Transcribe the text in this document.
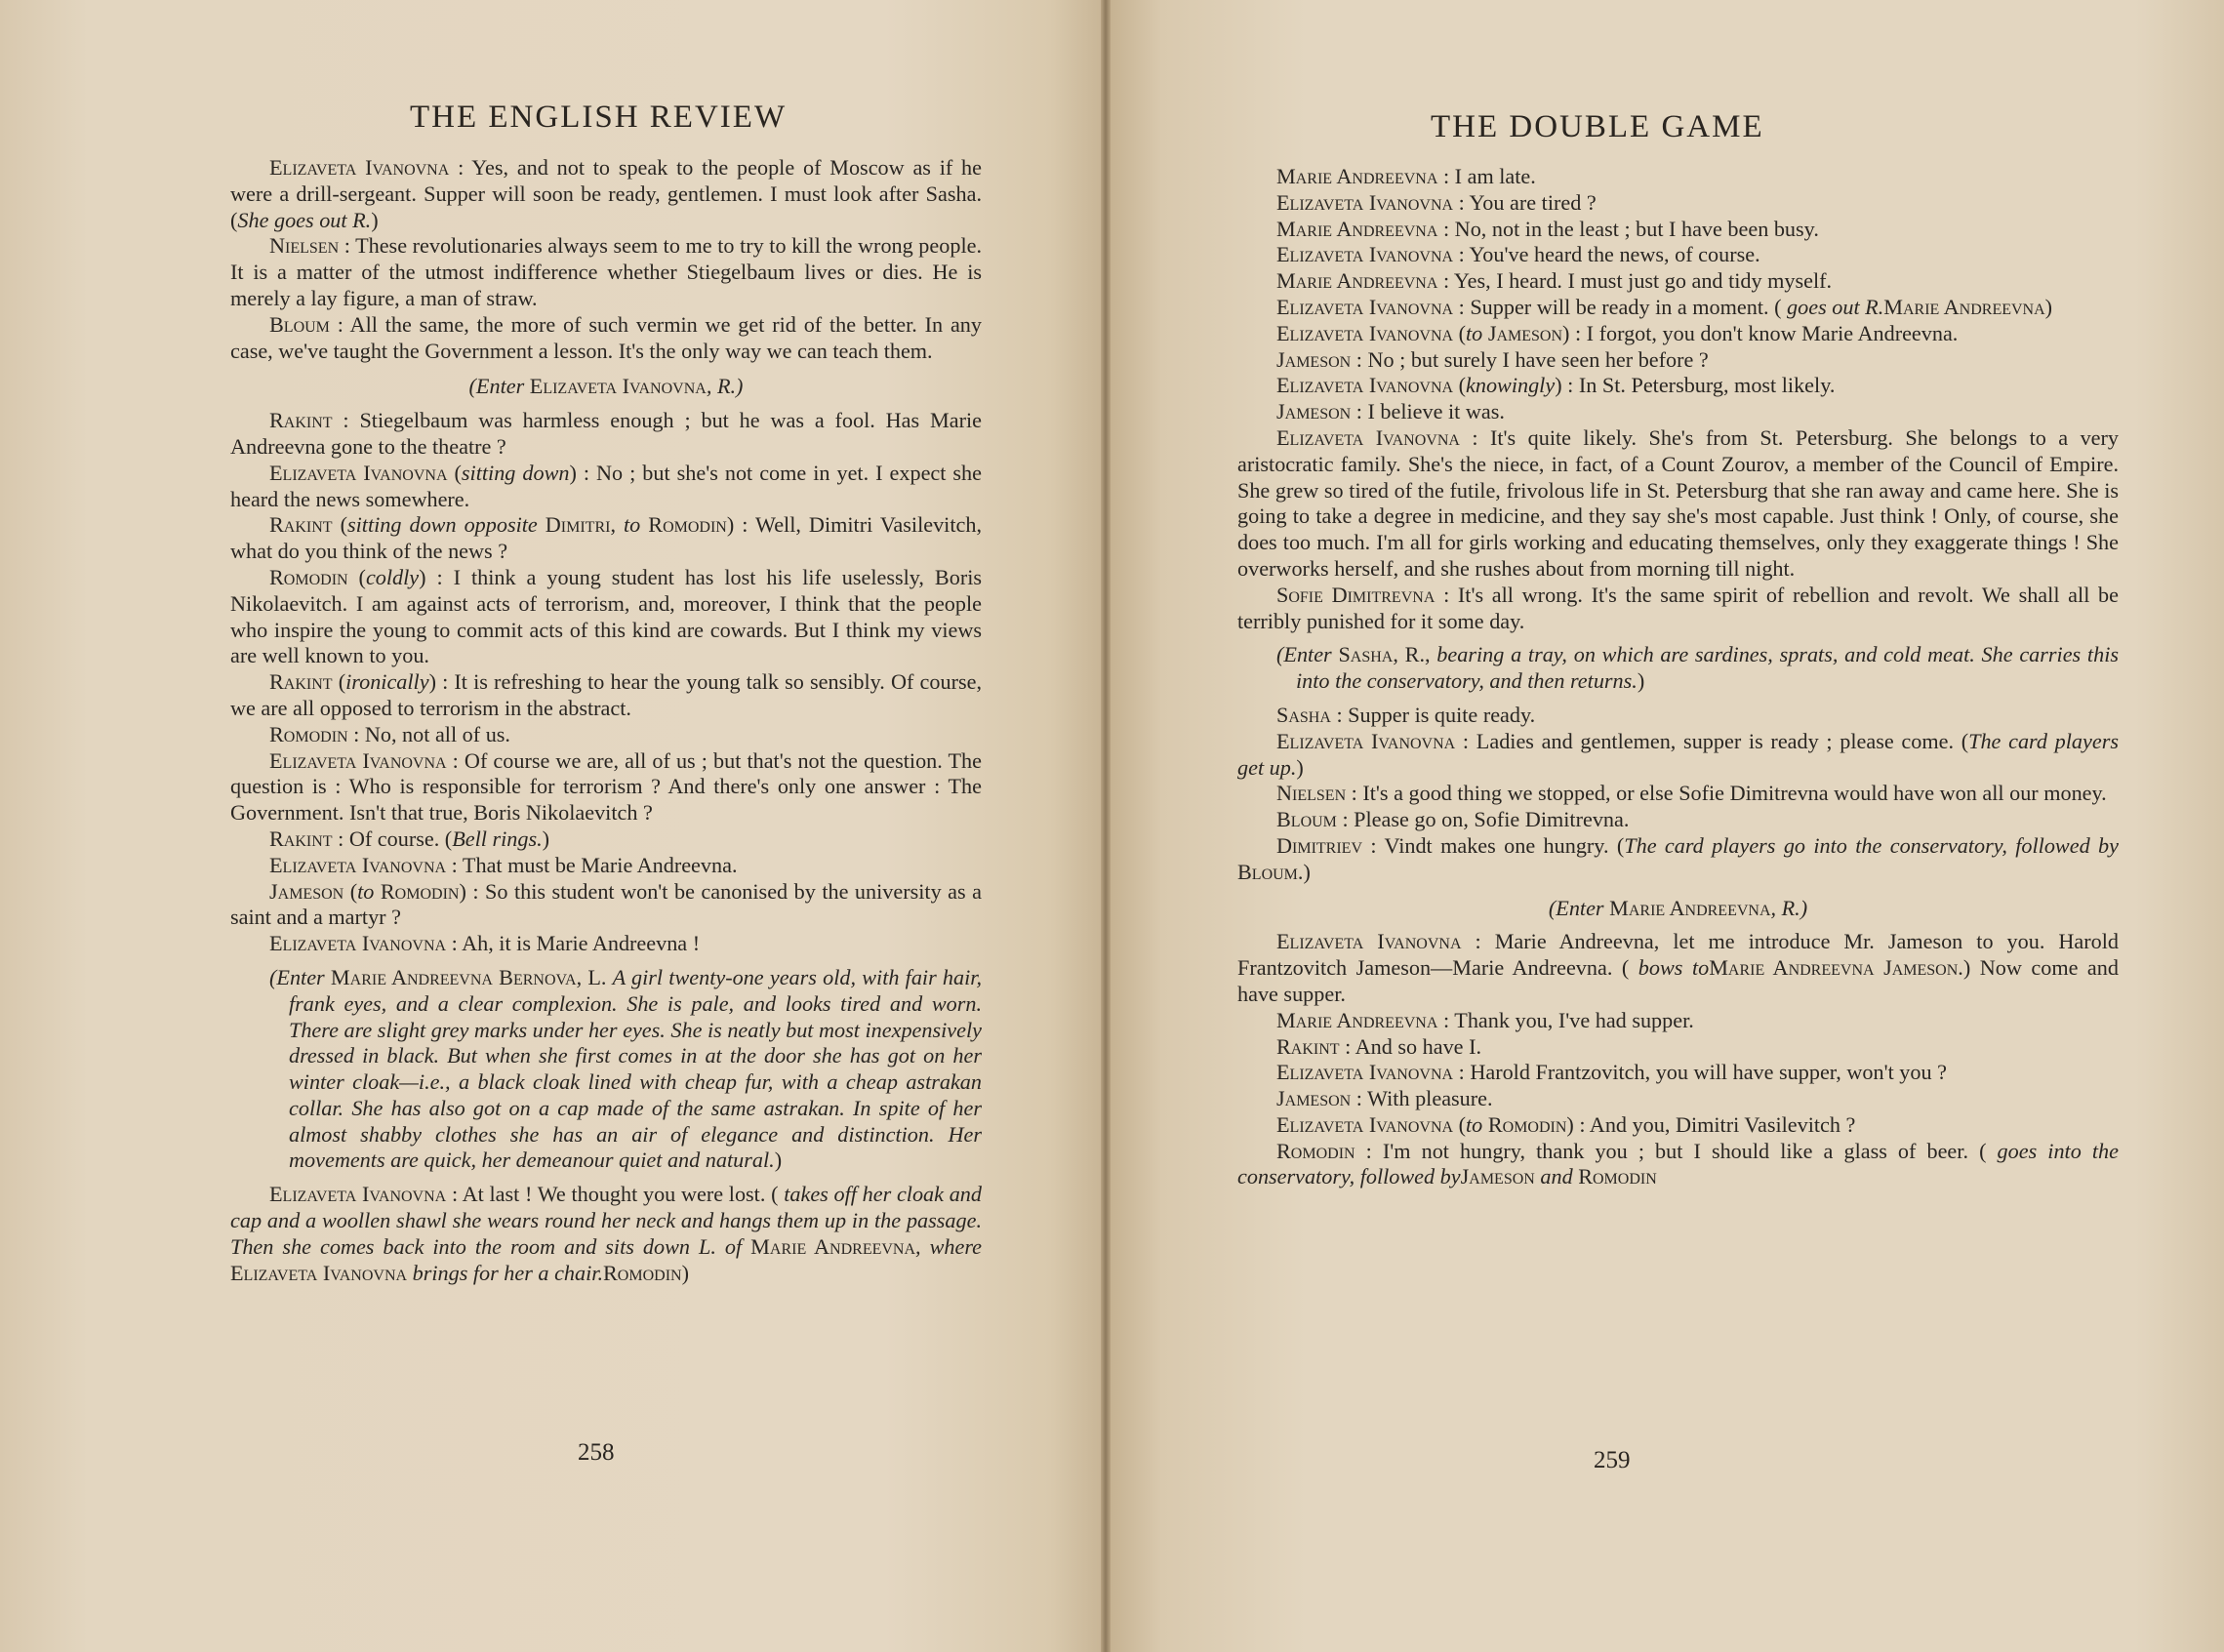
THE ENGLISH REVIEW

Elizaveta Ivanovna : Yes, and not to speak to the people of Moscow as if he were a drill-sergeant. Supper will soon be ready, gentlemen. I must look after Sasha. (She goes out R.)

Nielsen : These revolutionaries always seem to me to try to kill the wrong people. It is a matter of the utmost indifference whether Stiegelbaum lives or dies. He is merely a lay figure, a man of straw.

Bloum : All the same, the more of such vermin we get rid of the better. In any case, we've taught the Government a lesson. It's the only way we can teach them.

(Enter Elizaveta Ivanovna, R.)

Rakint : Stiegelbaum was harmless enough ; but he was a fool. Has Marie Andreevna gone to the theatre ?

Elizaveta Ivanovna (sitting down) : No ; but she's not come in yet. I expect she heard the news somewhere.

Rakint (sitting down opposite Dimitri, to Romodin) : Well, Dimitri Vasilevitch, what do you think of the news ?

Romodin (coldly) : I think a young student has lost his life uselessly, Boris Nikolaevitch. I am against acts of terrorism, and, moreover, I think that the people who inspire the young to commit acts of this kind are cowards. But I think my views are well known to you.

Rakint (ironically) : It is refreshing to hear the young talk so sensibly. Of course, we are all opposed to terrorism in the abstract.

Romodin : No, not all of us.

Elizaveta Ivanovna : Of course we are, all of us ; but that's not the question. The question is : Who is responsible for terrorism ? And there's only one answer : The Government. Isn't that true, Boris Nikolaevitch ?

Rakint : Of course. (Bell rings.)

Elizaveta Ivanovna : That must be Marie Andreevna.

Jameson (to Romodin) : So this student won't be canonised by the university as a saint and a martyr ?

Elizaveta Ivanovna : Ah, it is Marie Andreevna !

(Enter Marie Andreevna Bernova, L. A girl twenty-one years old, with fair hair, frank eyes, and a clear complexion. She is pale, and looks tired and worn. There are slight grey marks under her eyes. She is neatly but most inexpensively dressed in black. But when she first comes in at the door she has got on her winter cloak—i.e., a black cloak lined with cheap fur, with a cheap astrakan collar. She has also got on a cap made of the same astrakan. In spite of her almost shabby clothes she has an air of elegance and distinction. Her movements are quick, her demeanour quiet and natural.)

Elizaveta Ivanovna : At last ! We thought you were lost. ( takes off her cloak and cap and a woollen shawl she wears round her neck and hangs them up in the passage. Then she comes back into the room and sits down L. of Marie Andreevna, where Elizaveta Ivanovna brings for her a chair.Romodin)

258
THE DOUBLE GAME

Marie Andreevna : I am late.

Elizaveta Ivanovna : You are tired ?

Marie Andreevna : No, not in the least ; but I have been busy.

Elizaveta Ivanovna : You've heard the news, of course.

Marie Andreevna : Yes, I heard. I must just go and tidy myself.

Elizaveta Ivanovna : Supper will be ready in a moment. ( goes out R.Marie Andreevna)

Elizaveta Ivanovna (to Jameson) : I forgot, you don't know Marie Andreevna.

Jameson : No ; but surely I have seen her before ?

Elizaveta Ivanovna (knowingly) : In St. Petersburg, most likely.

Jameson : I believe it was.

Elizaveta Ivanovna : It's quite likely. She's from St. Petersburg. She belongs to a very aristocratic family. She's the niece, in fact, of a Count Zourov, a member of the Council of Empire. She grew so tired of the futile, frivolous life in St. Petersburg that she ran away and came here. She is going to take a degree in medicine, and they say she's most capable. Just think ! Only, of course, she does too much. I'm all for girls working and educating themselves, only they exaggerate things ! She overworks herself, and she rushes about from morning till night.

Sofie Dimitrevna : It's all wrong. It's the same spirit of rebellion and revolt. We shall all be terribly punished for it some day.

(Enter Sasha, R., bearing a tray, on which are sardines, sprats, and cold meat. She carries this into the conservatory, and then returns.)

Sasha : Supper is quite ready.

Elizaveta Ivanovna : Ladies and gentlemen, supper is ready ; please come. (The card players get up.)

Nielsen : It's a good thing we stopped, or else Sofie Dimitrevna would have won all our money.

Bloum : Please go on, Sofie Dimitrevna.

Dimitriev : Vindt makes one hungry. (The card players go into the conservatory, followed by Bloum.)

(Enter Marie Andreevna, R.)

Elizaveta Ivanovna : Marie Andreevna, let me introduce Mr. Jameson to you. Harold Frantzovitch Jameson—Marie Andreevna. ( bows toMarie Andreevna Jameson.) Now come and have supper.

Marie Andreevna : Thank you, I've had supper.

Rakint : And so have I.

Elizaveta Ivanovna : Harold Frantzovitch, you will have supper, won't you ?

Jameson : With pleasure.

Elizaveta Ivanovna (to Romodin) : And you, Dimitri Vasilevitch ?

Romodin : I'm not hungry, thank you ; but I should like a glass of beer. ( goes into the conservatory, followed byJameson and Romodin

259
